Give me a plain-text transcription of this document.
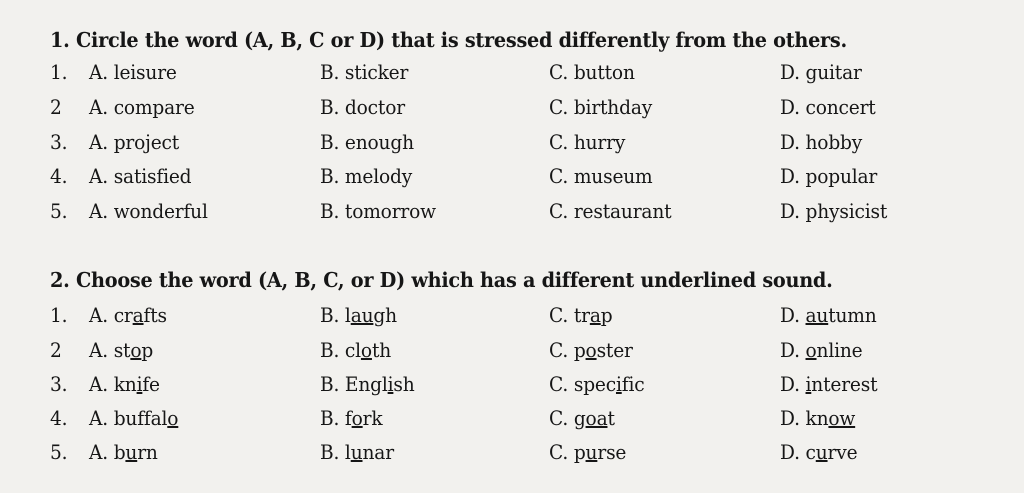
1. Circle the word (A, B, C or D) that is stressed differently from the others.
1. A. leisure	B. sticker	C. button	D. guitar
2 A. compare	B. doctor	C. birthday	D. concert
3. A. project	B. enough	C. hurry	D. hobby
4. A. satisfied	B. melody	C. museum	D. popular
5. A. wonderful	B. tomorrow	C. restaurant	D. physicist
2. Choose the word (A, B, C, or D) which has a different underlined sound.
1. A. crafts	B. laugh	C. trap	D. autumn
2 A. stop	B. cloth	C. poster	D. online
3. A. knife	B. English	C. specific	D. interest
4. A. buffalo	B. fork	C. goat	D. know
5. A. burn	B. lunar	C. purse	D. curve
